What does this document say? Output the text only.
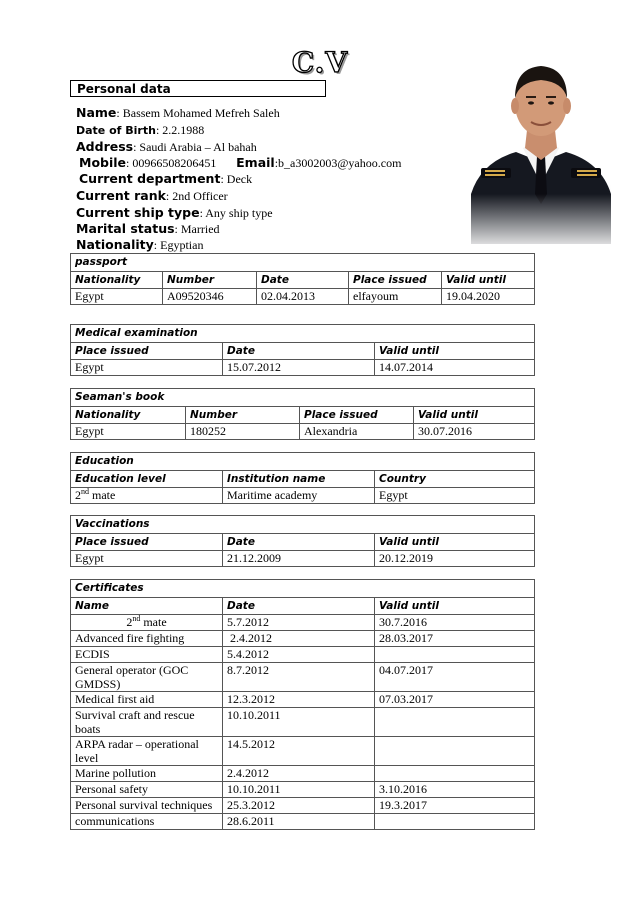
C.V
Personal data
Name: Bassem Mohamed Mefreh Saleh
Date of Birth: 2.2.1988
Address: Saudi Arabia – Al bahah
Mobile: 00966508206451 Email:b_a3002003@yahoo.com
Current department: Deck
Current rank: 2nd Officer
Current ship type: Any ship type
Marital status: Married
Nationality: Egyptian
passport				
Nationality	Number	Date	Place issued	Valid until
Egypt	A09520346	02.04.2013	elfayoum	19.04.2020
Medical examination		
Place issued	Date	Valid until
Egypt	15.07.2012	14.07.2014
Seaman's book			
Nationality	Number	Place issued	Valid until
Egypt	180252	Alexandria	30.07.2016
Education		
Education level	Institution name	Country
2nd mate	Maritime academy	Egypt
Vaccinations		
Place issued	Date	Valid until
Egypt	21.12.2009	20.12.2019
Certificates		
Name	Date	Valid until
2nd mate	5.7.2012	30.7.2016
Advanced fire fighting	2.4.2012	28.03.2017
ECDIS	5.4.2012	
General operator (GOC GMDSS)	8.7.2012	04.07.2017
Medical first aid	12.3.2012	07.03.2017
Survival craft and rescue boats	10.10.2011	
ARPA radar – operational level	14.5.2012	
Marine pollution	2.4.2012	
Personal safety	10.10.2011	3.10.2016
Personal survival techniques	25.3.2012	19.3.2017
communications	28.6.2011	
